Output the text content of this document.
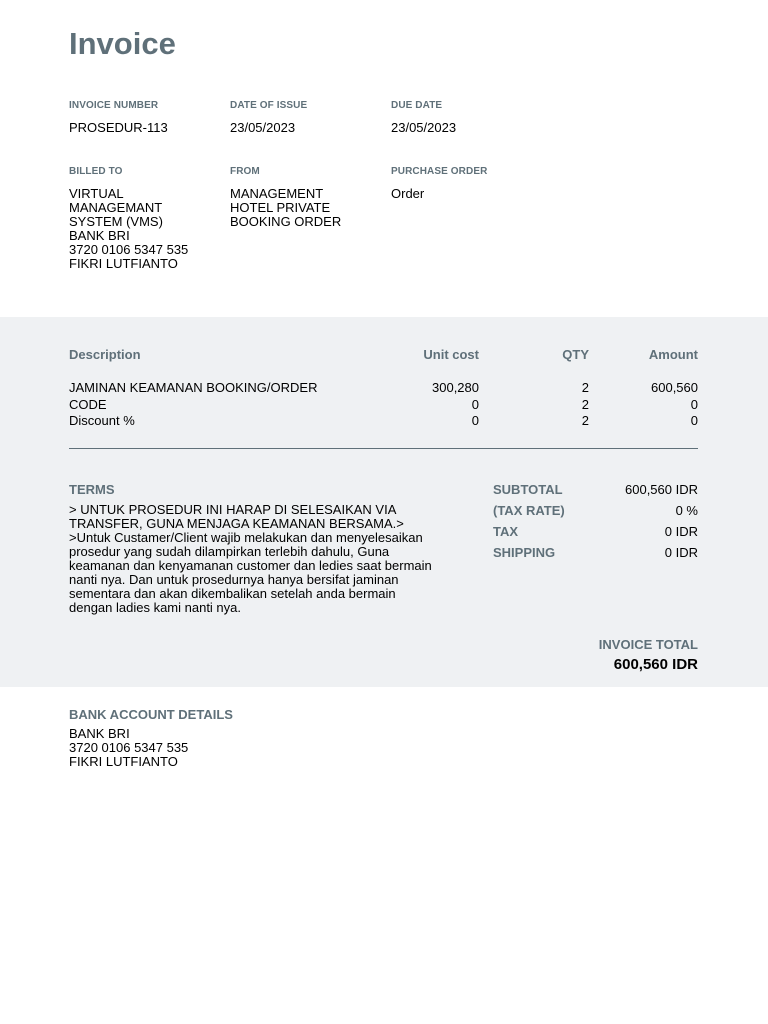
Invoice
INVOICE NUMBER
PROSEDUR-113
DATE OF ISSUE
23/05/2023
DUE DATE
23/05/2023
BILLED TO
VIRTUAL
MANAGEMANT
SYSTEM (VMS)
BANK BRI
3720 0106 5347 535
FIKRI LUTFIANTO
FROM
MANAGEMENT
HOTEL PRIVATE
BOOKING ORDER
PURCHASE ORDER
Order
Description	Unit cost	QTY	Amount
JAMINAN KEAMANAN BOOKING/ORDER	300,280	2	600,560
CODE	0	2	0
Discount %	0	2	0
TERMS
> UNTUK PROSEDUR INI HARAP DI SELESAIKAN VIA
TRANSFER, GUNA MENJAGA KEAMANAN BERSAMA.>
>Untuk Custamer/Client wajib melakukan dan menyelesaikan
prosedur yang sudah dilampirkan terlebih dahulu, Guna
keamanan dan kenyamanan customer dan ledies saat bermain
nanti nya. Dan untuk prosedurnya hanya bersifat jaminan
sementara dan akan dikembalikan setelah anda bermain
dengan ladies kami nanti nya.
SUBTOTAL	600,560 IDR
(TAX RATE)	0 %
TAX	0 IDR
SHIPPING	0 IDR
INVOICE TOTAL
600,560 IDR
BANK ACCOUNT DETAILS
BANK BRI
3720 0106 5347 535
FIKRI LUTFIANTO
